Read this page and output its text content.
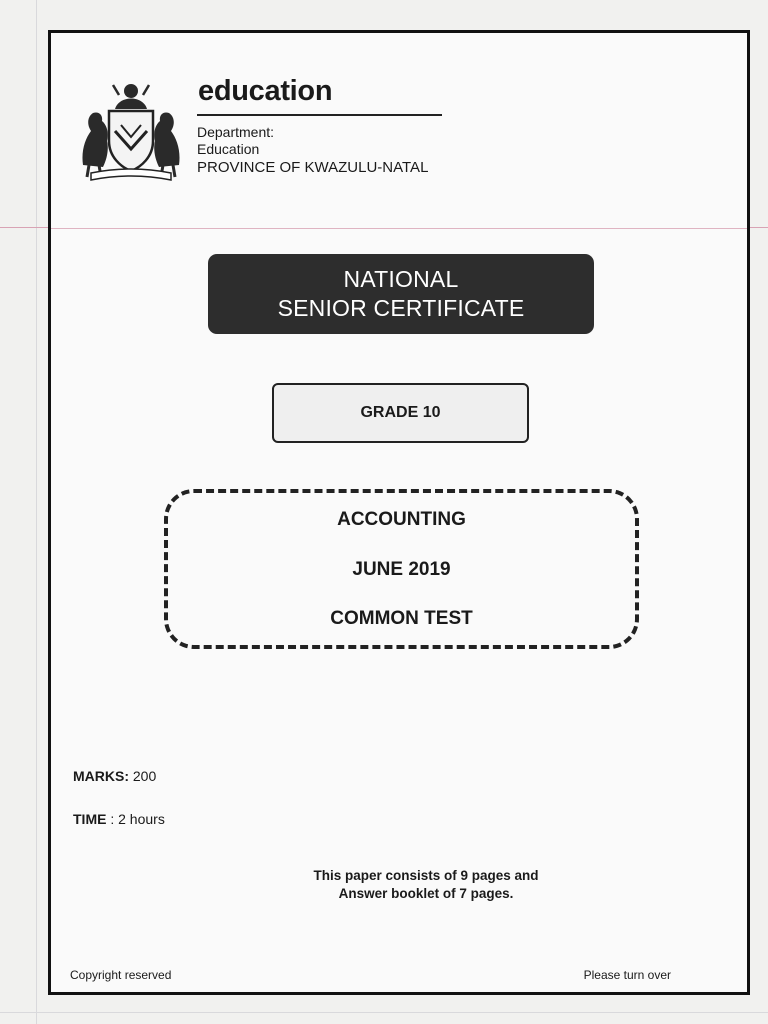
education
Department:
Education
PROVINCE OF KWAZULU-NATAL
NATIONAL
SENIOR CERTIFICATE
GRADE 10
ACCOUNTING
JUNE 2019
COMMON TEST
MARKS: 200
TIME : 2 hours
This paper consists of 9 pages and
Answer booklet of 7 pages.
Copyright reserved	Please turn over
